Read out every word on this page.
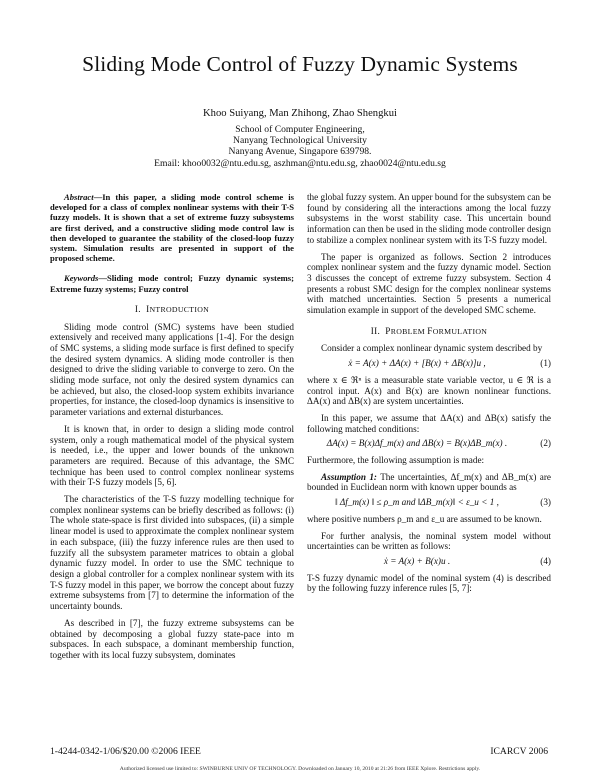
Sliding Mode Control of Fuzzy Dynamic Systems
Khoo Suiyang, Man Zhihong, Zhao Shengkui
School of Computer Engineering,
Nanyang Technological University
Nanyang Avenue, Singapore 639798.
Email: khoo0032@ntu.edu.sg, aszhman@ntu.edu.sg, zhao0024@ntu.edu.sg

Abstract—In this paper, a sliding mode control scheme is developed for a class of complex nonlinear systems with their T-S fuzzy models. It is shown that a set of extreme fuzzy subsystems are first derived, and a constructive sliding mode control law is then developed to guarantee the stability of the closed-loop fuzzy system. Simulation results are presented in support of the proposed scheme.

Keywords—Sliding mode control; Fuzzy dynamic systems; Extreme fuzzy systems; Fuzzy control

I. INTRODUCTION

Sliding mode control (SMC) systems have been studied extensively and received many applications [1-4]. For the design of SMC systems, a sliding mode surface is first defined to specify the desired system dynamics. A sliding mode controller is then designed to drive the sliding variable to converge to zero. On the sliding mode surface, not only the desired system dynamics can be achieved, but also, the closed-loop system exhibits invariance properties, for instance, the closed-loop dynamics is insensitive to parameter variations and external disturbances.

It is known that, in order to design a sliding mode control system, only a rough mathematical model of the physical system is needed, i.e., the upper and lower bounds of the unknown parameters are required. Because of this advantage, the SMC technique has been used to control complex nonlinear systems with their T-S fuzzy models [5, 6].

The characteristics of the T-S fuzzy modelling technique for complex nonlinear systems can be briefly described as follows: (i) The whole state-space is first divided into subspaces, (ii) a simple linear model is used to approximate the complex nonlinear system in each subspace, (iii) the fuzzy inference rules are then used to fuzzify all the subsystem parameter matrices to obtain a global dynamic fuzzy model. In order to use the SMC technique to design a global controller for a complex nonlinear system with its T-S fuzzy model in this paper, we borrow the concept about fuzzy extreme subsystems from [7] to determine the information of the uncertainty bounds.

As described in [7], the fuzzy extreme subsystems can be obtained by decomposing a global fuzzy state-pace into m subspaces. In each subspace, a dominant membership function, together with its local fuzzy subsystem, dominates

the global fuzzy system. An upper bound for the subsystem can be found by considering all the interactions among the local fuzzy subsystems in the worst stability case. This uncertain bound information can then be used in the sliding mode controller design to stabilize a complex nonlinear system with its T-S fuzzy model.

The paper is organized as follows. Section 2 introduces complex nonlinear system and the fuzzy dynamic model. Section 3 discusses the concept of extreme fuzzy subsystem. Section 4 presents a robust SMC design for the complex nonlinear systems with matched uncertainties. Section 5 presents a numerical simulation example in support of the developed SMC scheme.

II. PROBLEM FORMULATION

Consider a complex nonlinear dynamic system described by

ẋ = A(x) + ΔA(x) + [B(x) + ΔB(x)]u ,	(1)

where x ∈ ℜⁿ is a measurable state variable vector, u ∈ ℜ is a control input. A(x) and B(x) are known nonlinear functions. ΔA(x) and ΔB(x) are system uncertainties.

In this paper, we assume that ΔA(x) and ΔB(x) satisfy the following matched conditions:

ΔA(x) = B(x)Δf_m(x) and ΔB(x) = B(x)ΔB_m(x) .	(2)

Furthermore, the following assumption is made:

Assumption 1: The uncertainties, Δf_m(x) and ΔB_m(x) are bounded in Euclidean norm with known upper bounds as

‖ Δf_m(x) ‖ ≤ ρ_m and ‖ΔB_m(x)‖ < ε_u < 1 ,	(3)

where positive numbers ρ_m and ε_u are assumed to be known.

For further analysis, the nominal system model without uncertainties can be written as follows:

ẋ = A(x) + B(x)u .	(4)

T-S fuzzy dynamic model of the nominal system (4) is described by the following fuzzy inference rules [5, 7]:

1-4244-0342-1/06/$20.00 ©2006 IEEE	ICARCV 2006
Authorized licensed use limited to: SWINBURNE UNIV OF TECHNOLOGY. Downloaded on January 10, 2010 at 21:26 from IEEE Xplore. Restrictions apply.
